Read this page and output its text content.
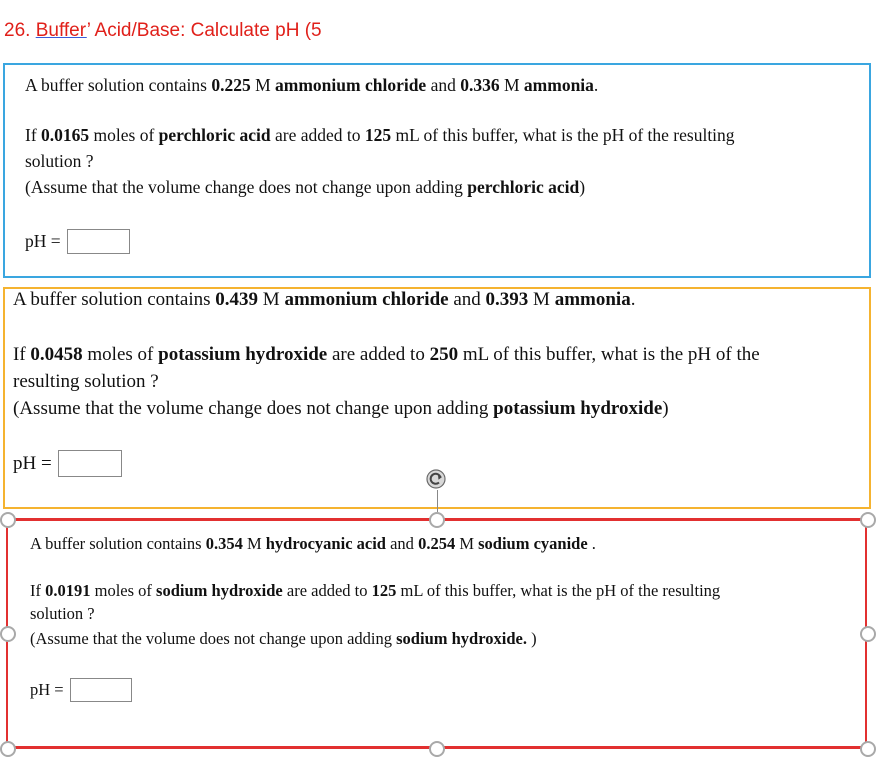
26. Buffer’ Acid/Base: Calculate pH (5
A buffer solution contains 0.225 M ammonium chloride and 0.336 M ammonia.
If 0.0165 moles of perchloric acid are added to 125 mL of this buffer, what is the pH of the resulting
solution ?
(Assume that the volume change does not change upon adding perchloric acid)
pH =
A buffer solution contains 0.439 M ammonium chloride and 0.393 M ammonia.
If 0.0458 moles of potassium hydroxide are added to 250 mL of this buffer, what is the pH of the
resulting solution ?
(Assume that the volume change does not change upon adding potassium hydroxide)
pH =
A buffer solution contains 0.354 M hydrocyanic acid and 0.254 M sodium cyanide .
If 0.0191 moles of sodium hydroxide are added to 125 mL of this buffer, what is the pH of the resulting
solution ?
(Assume that the volume does not change upon adding sodium hydroxide. )
pH =
